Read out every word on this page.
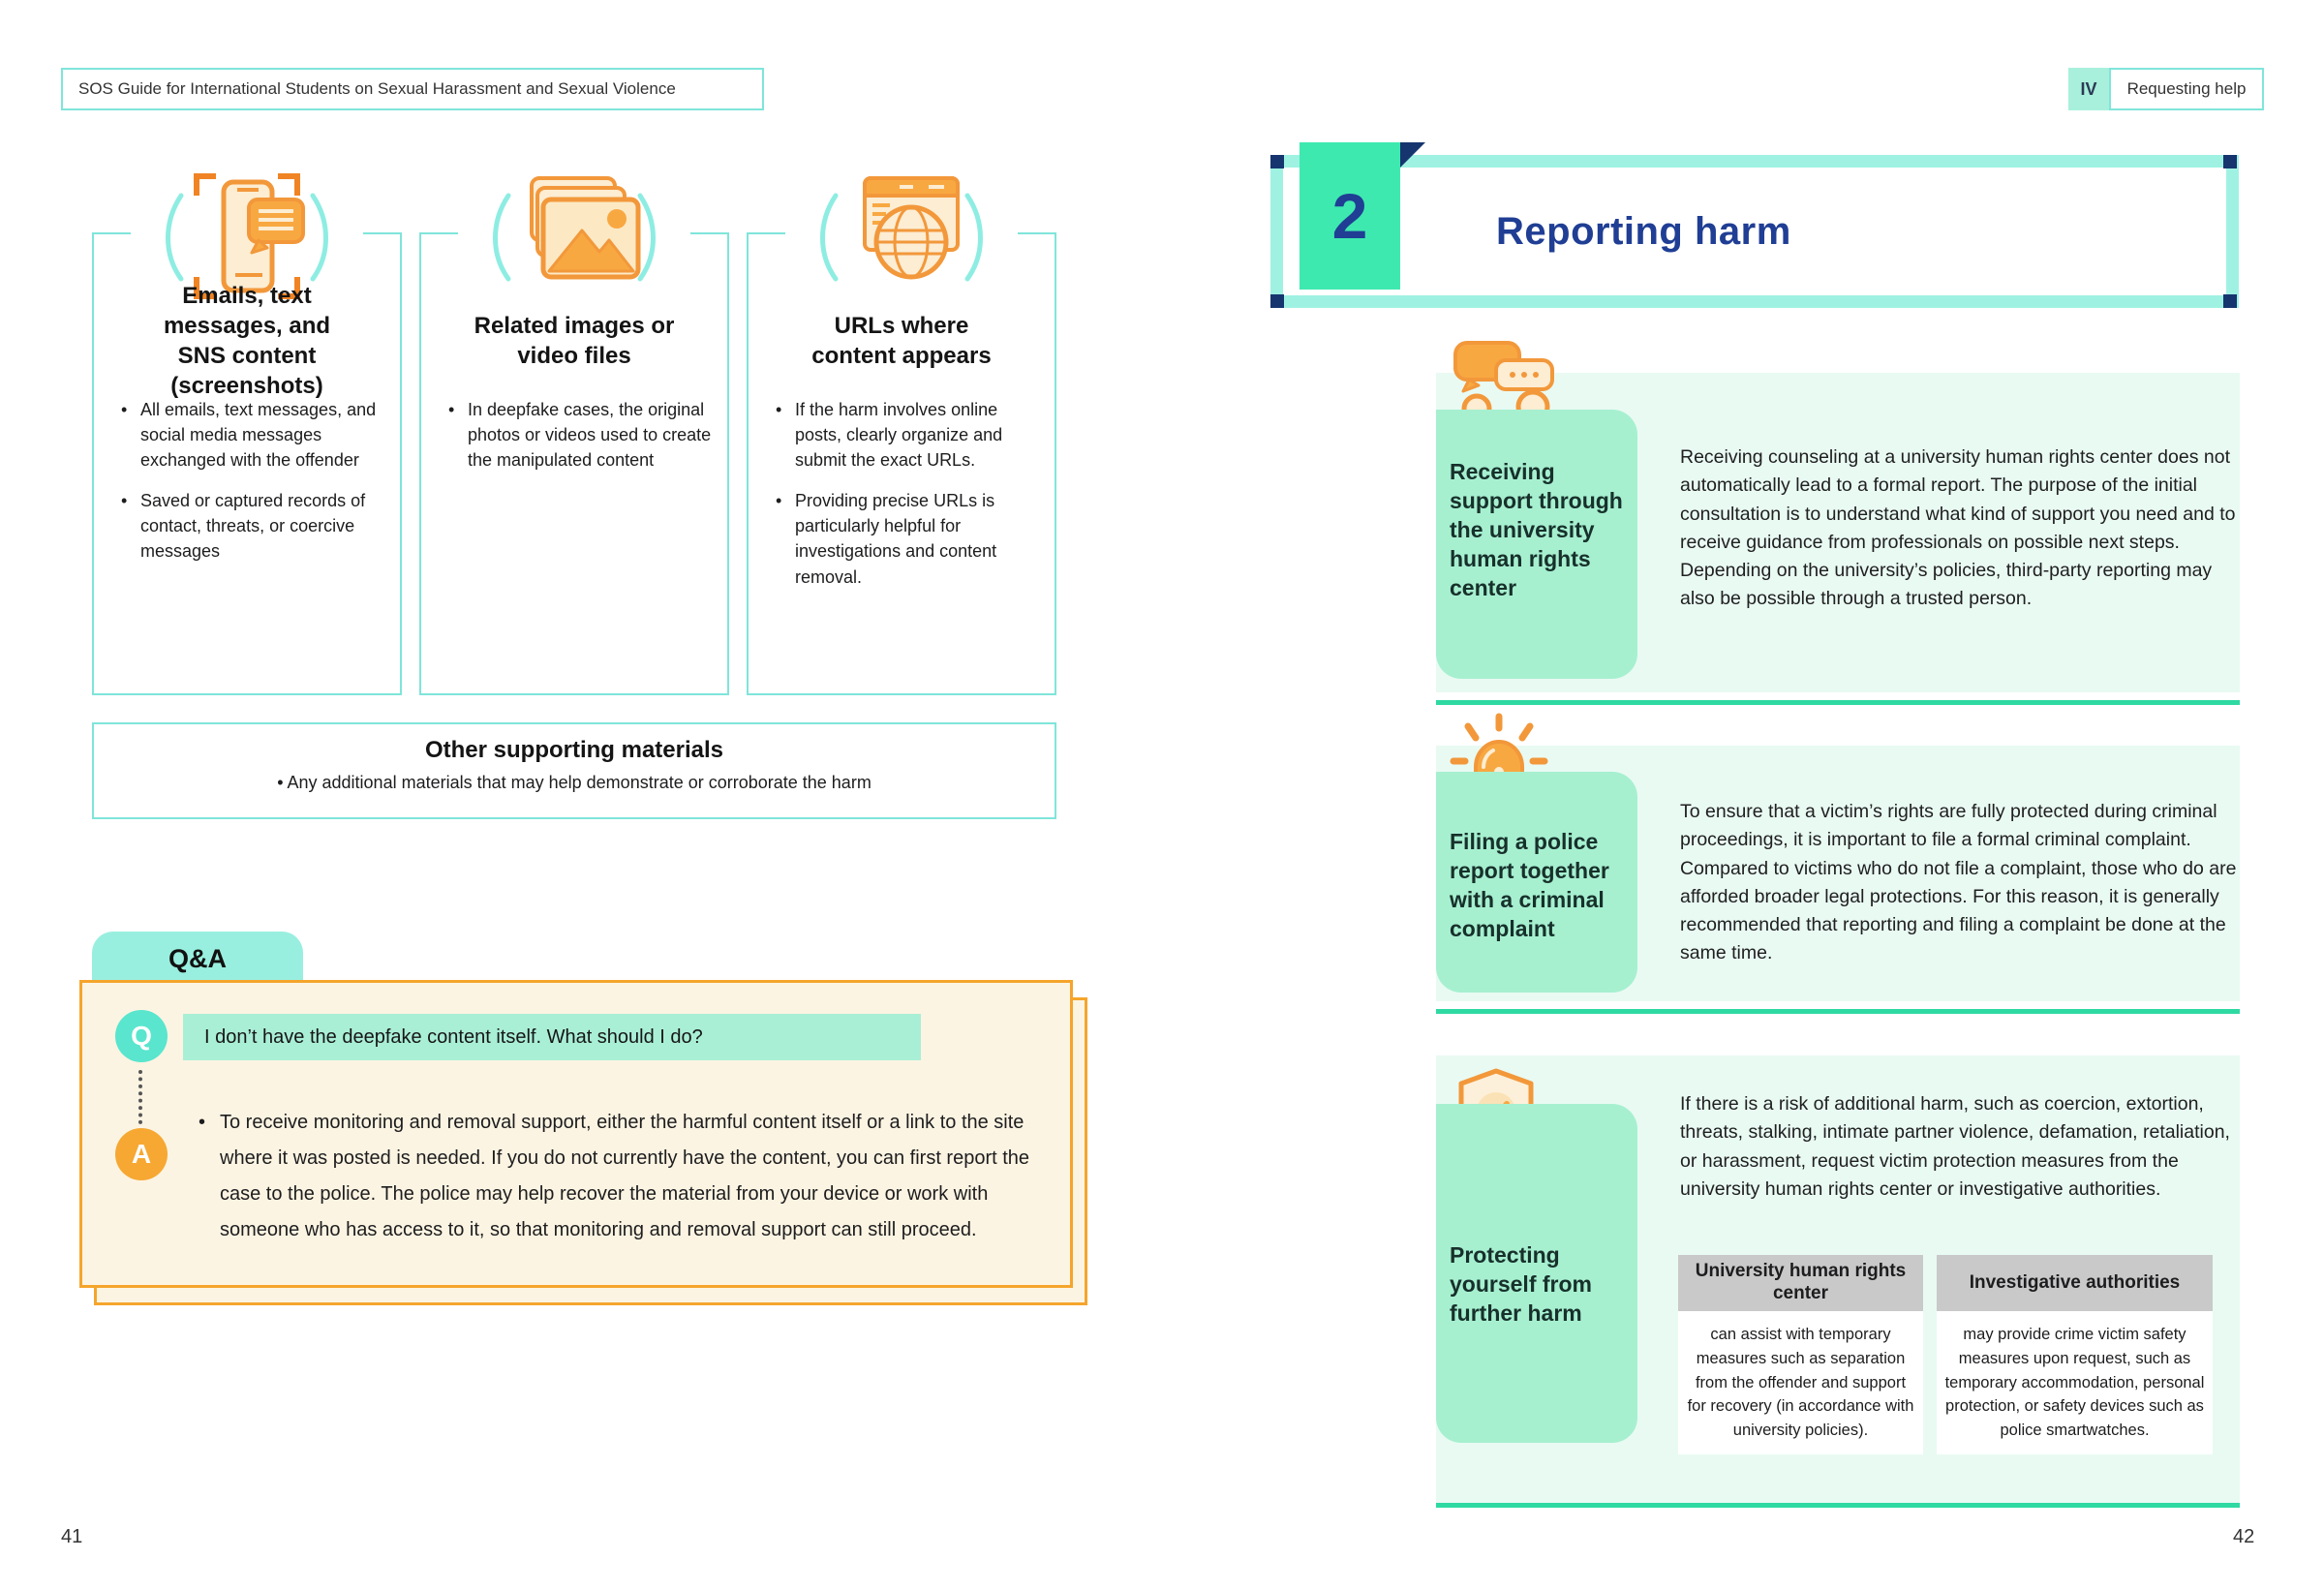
SOS Guide for International Students on Sexual Harassment and Sexual Violence	IV	Requesting help
Emails, text messages, and SNS content (screenshots)
• All emails, text messages, and social media messages exchanged with the offender
• Saved or captured records of contact, threats, or coercive messages
Related images or video files
• In deepfake cases, the original photos or videos used to create the manipulated content
URLs where content appears
• If the harm involves online posts, clearly organize and submit the exact URLs.
• Providing precise URLs is particularly helpful for investigations and content removal.
Other supporting materials
• Any additional materials that may help demonstrate or corroborate the harm
Q&A
Q
A
I don’t have the deepfake content itself. What should I do?
• To receive monitoring and removal support, either the harmful content itself or a link to the site where it was posted is needed. If you do not currently have the content, you can first report the case to the police. The police may help recover the material from your device or work with someone who has access to it, so that monitoring and removal support can still proceed.
2	Reporting harm
Receiving support through the university human rights center

Receiving counseling at a university human rights center does not automatically lead to a formal report. The purpose of the initial consultation is to understand what kind of support you need and to receive guidance from professionals on possible next steps.

Depending on the university’s policies, third-party reporting may also be possible through a trusted person.

Filing a police report together with a criminal complaint

To ensure that a victim’s rights are fully protected during criminal proceedings, it is important to file a formal criminal complaint. Compared to victims who do not file a complaint, those who do are afforded broader legal protections. For this reason, it is generally recommended that reporting and filing a complaint be done at the same time.

Protecting yourself from further harm

If there is a risk of additional harm, such as coercion, extortion, threats, stalking, intimate partner violence, defamation, retaliation, or harassment, request victim protection measures from the university human rights center or investigative authorities.

University human rights center
can assist with temporary measures such as separation from the offender and support for recovery (in accordance with university policies).
Investigative authorities
may provide crime victim safety measures upon request, such as temporary accommodation, personal protection, or safety devices such as police smartwatches.
41	42
